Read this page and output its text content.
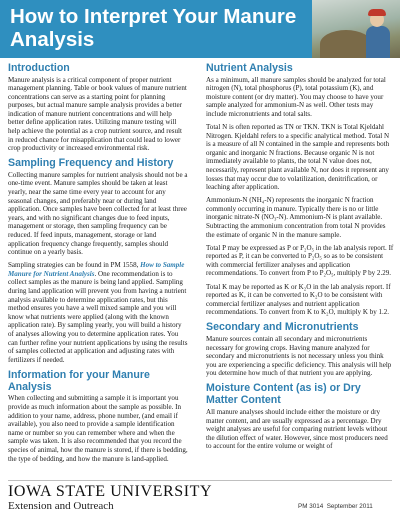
How to Interpret Your Manure Analysis
Introduction

Manure analysis is a critical component of proper nutrient management planning. Table or book values of manure nutrient concentrations can serve as a starting point for planning purposes, but actual manure sample analysis provides a better indication of manure nutrient concentrations and will help better define application rates. Utilizing manure testing will help achieve the potential as a crop nutrient source, and result in reduced chance for misapplication that could lead to lower crop productivity or increased environmental risk.

Sampling Frequency and History

Collecting manure samples for nutrient analysis should not be a one-time event. Manure samples should be taken at least yearly, near the same time every year to account for any seasonal changes, and preferably near or during land application. Once samples have been collected for at least three years, and with no significant changes due to feed inputs, management or storage, then sampling frequency can be reduced. If feed inputs, management, storage or land application frequency change frequently, samples should continue on a yearly basis.

Sampling strategies can be found in PM 1558, How to Sample Manure for Nutrient Analysis. One recommendation is to collect samples as the manure is being land applied. Sampling during land application will prevent you from having a nutrient analysis available to determine application rates, but this method ensures you have a well mixed sample and you will know what nutrients were applied (along with the known application rate). By sampling yearly, you will build a history of analyses allowing you to determine application rates. You can further refine your nutrient applications by using the results of samples collected at application and adjusting rates with fertilizers if needed.

Information for your Manure Analysis

When collecting and submitting a sample it is important you provide as much information about the sample as possible. In addition to your name, address, phone number, (and email if available), you also need to provide a sample identification name or number so you can remember where and when the sample was taken. It is also recommended that you record the species of animal, how the manure is stored, if there is bedding, the type of bedding, and how the manure is land-applied.

Nutrient Analysis

As a minimum, all manure samples should be analyzed for total nitrogen (N), total phosphorus (P), total potassium (K), and moisture content (or dry matter). You may choose to have your sample analyzed for ammonium-N as well. Other tests may include micronutrients and total salts.

Total N is often reported as TN or TKN. TKN is Total Kjeldahl Nitrogen. Kjeldahl refers to a specific analytical method. Total N is a measure of all N contained in the sample and represents both organic and inorganic N fractions. Because organic N is not immediately available to plants, the total N value does not, necessarily, represent plant available N, nor does it represent any losses that may occur due to volatilization, denitrification, or leaching after application.

Ammonium-N (NH₄-N) represents the inorganic N fraction commonly occurring in manure. Typically there is no or little inorganic nitrate-N (NO₃-N). Ammonium-N is plant available. Subtracting the ammonium concentration from total N provides the estimate of organic N in the manure sample.

Total P may be expressed as P or P₂O₅ in the lab analysis report. If reported as P, it can be converted to P₂O₅ so as to be consistent with commercial fertilizer analyses and application recommendations. To convert from P to P₂O₅, multiply P by 2.29.

Total K may be reported as K or K₂O in the lab analysis report. If reported as K, it can be converted to K₂O to be consistent with commercial fertilizer analyses and nutrient application recommendations. To convert from K to K₂O, multiply K by 1.2.

Secondary and Micronutrients

Manure sources contain all secondary and micronutrients necessary for growing crops. Having manure analyzed for secondary and micronutrients is not necessary unless you think you are experiencing a specific deficiency. This analysis will help you determine how much of that nutrient you are applying.

Moisture Content (as is) or Dry Matter Content

All manure analyses should include either the moisture or dry matter content, and are usually expressed as a percentage. Dry weight analyses are useful for comparing nutrient levels without the dilution effect of water. However, since most producers need to account for the entire volume or weight of

IOWA STATE UNIVERSITY
Extension and Outreach	PM 3014 September 2011
